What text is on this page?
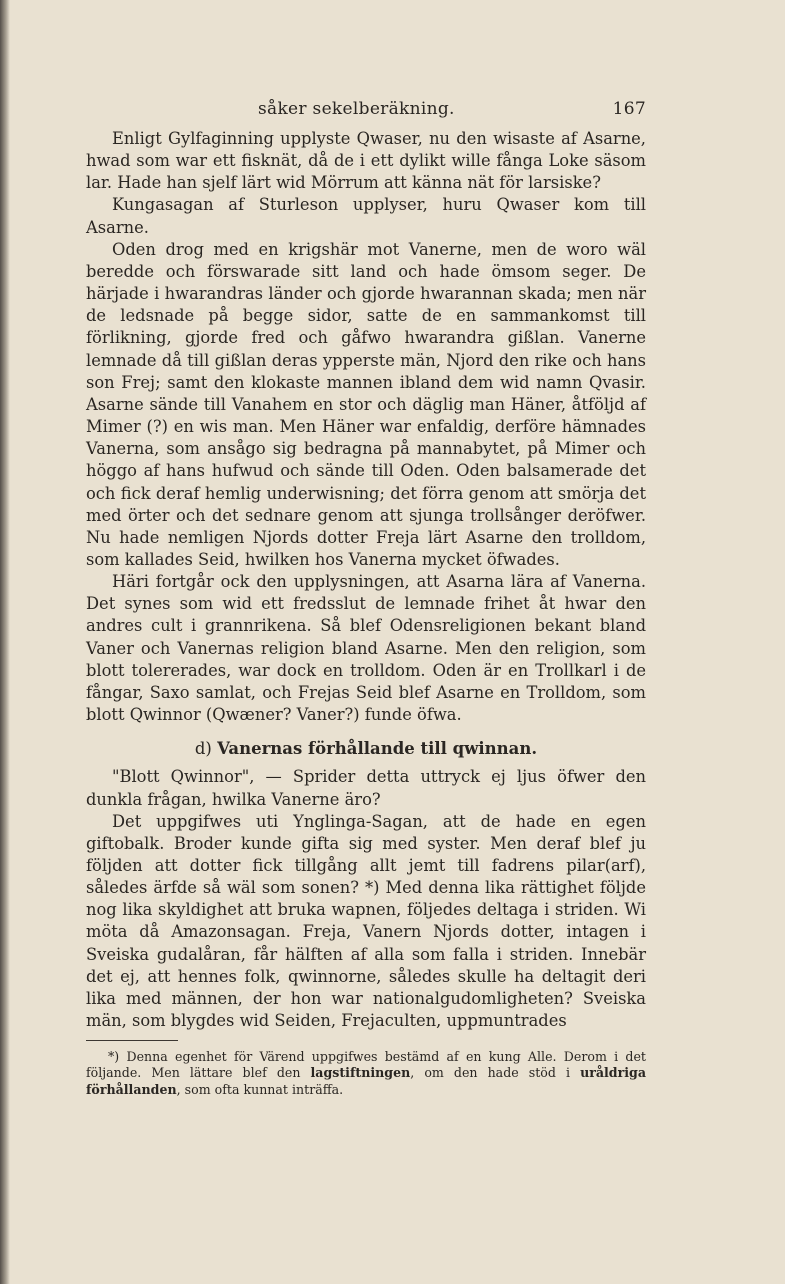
såker sekelberäkning.	167

Enligt Gylfaginning upplyste Qwaser, nu den wisaste af Asarne, hwad som war ett fisknät, då de i ett dylikt wille fånga Loke säsom lar. Hade han sjelf lärt wid Mörrum att känna nät för larsiske?

Kungasagan af Sturleson upplyser, huru Qwaser kom till Asarne.

Oden drog med en krigshär mot Vanerne, men de woro wäl beredde och förswarade sitt land och hade ömsom seger. De härjade i hwarandras länder och gjorde hwarannan skada; men när de ledsnade på begge sidor, satte de en sammankomst till förlikning, gjorde fred och gåfwo hwarandra gißlan. Vanerne lemnade då till gißlan deras ypperste män, Njord den rike och hans son Frej; samt den klokaste mannen ibland dem wid namn Qvasir. Asarne sände till Vanahem en stor och däglig man Häner, åtföljd af Mimer (?) en wis man. Men Häner war enfaldig, derföre hämnades Vanerna, som ansågo sig bedragna på mannabytet, på Mimer och höggo af hans hufwud och sände till Oden. Oden balsamerade det och fick deraf hemlig underwisning; det förra genom att smörja det med örter och det sednare genom att sjunga trollsånger deröfwer. Nu hade nemligen Njords dotter Freja lärt Asarne den trolldom, som kallades Seid, hwilken hos Vanerna mycket öfwades.

Häri fortgår ock den upplysningen, att Asarna lära af Vanerna. Det synes som wid ett fredsslut de lemnade frihet åt hwar den andres cult i grannrikena. Så blef Odensreligionen bekant bland Vaner och Vanernas religion bland Asarne. Men den religion, som blott tolererades, war dock en trolldom. Oden är en Trollkarl i de fångar, Saxo samlat, och Frejas Seid blef Asarne en Trolldom, som blott Qwinnor (Qwæner? Vaner?) funde öfwa.

d) Vanernas förhållande till qwinnan.

"Blott Qwinnor", — Sprider detta uttryck ej ljus öfwer den dunkla frågan, hwilka Vanerne äro?

Det uppgifwes uti Ynglinga-Sagan, att de hade en egen giftobalk. Broder kunde gifta sig med syster. Men deraf blef ju följden att dotter fick tillgång allt jemt till fadrens pilar(arf), således ärfde så wäl som sonen? *) Med denna lika rättighet följde nog lika skyldighet att bruka wapnen, följedes deltaga i striden. Wi möta då Amazonsagan. Freja, Vanern Njords dotter, intagen i Sveiska gudalåran, får hälften af alla som falla i striden. Innebär det ej, att hennes folk, qwinnorne, således skulle ha deltagit deri lika med männen, der hon war nationalgudomligheten? Sveiska män, som blygdes wid Seiden, Frejaculten, uppmuntrades

*) Denna egenhet för Värend uppgifwes bestämd af en kung Alle. Derom i det följande. Men lättare blef den lagstiftningen, om den hade stöd i uråldriga förhållanden, som ofta kunnat inträffa.
